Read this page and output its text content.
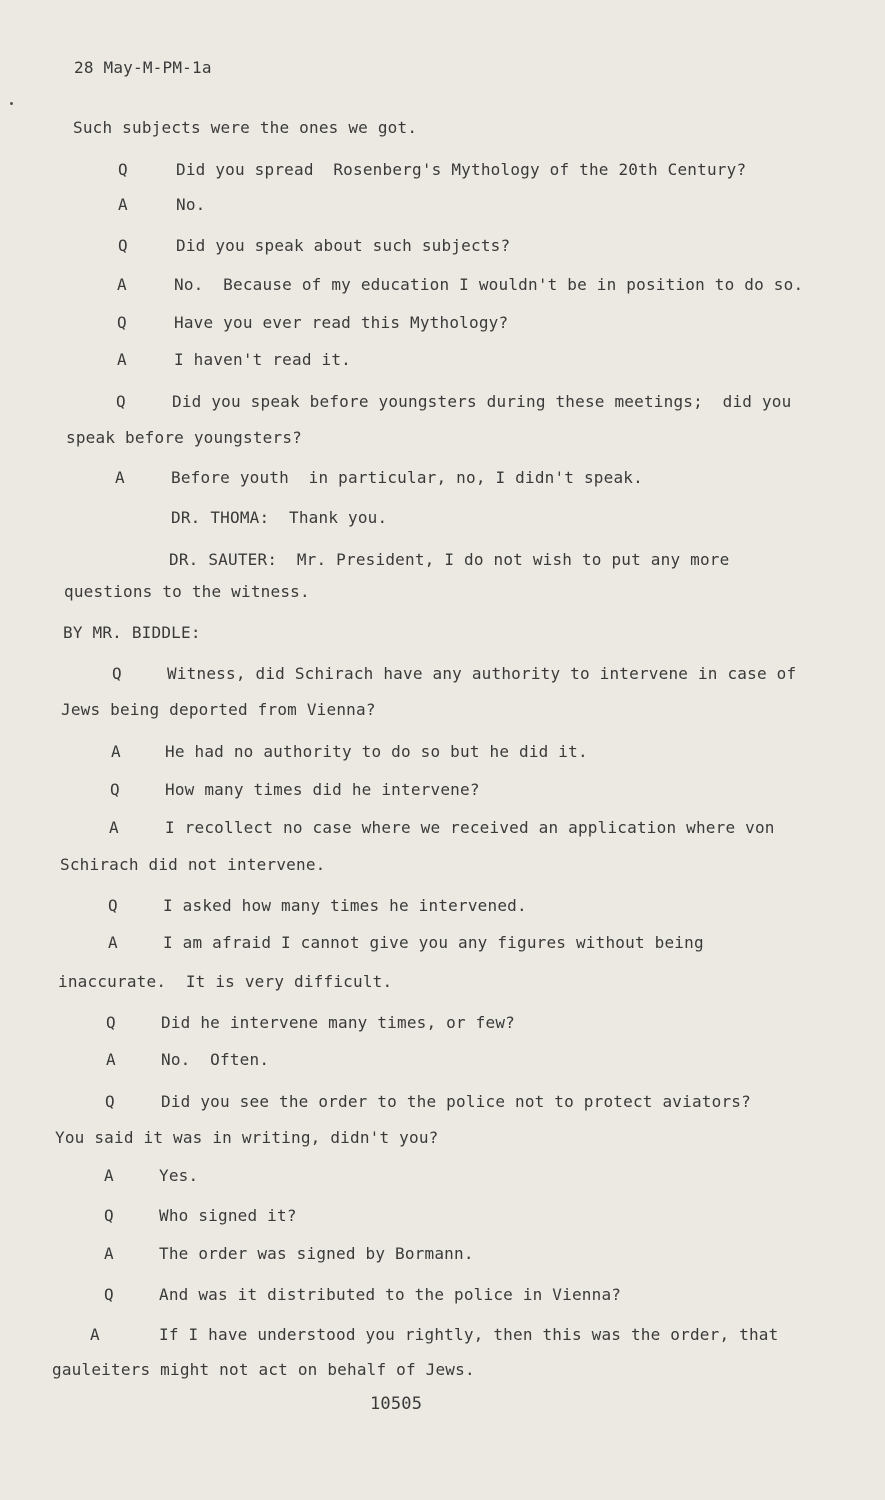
28 May-M-PM-1a
Such subjects were the ones we got.
Q	Did you spread  Rosenberg's Mythology of the 20th Century?
A	No.
Q	Did you speak about such subjects?
A	No.  Because of my education I wouldn't be in position to do so.
Q	Have you ever read this Mythology?
A	I haven't read it.
Q	Did you speak before youngsters during these meetings;  did you
speak before youngsters?
A	Before youth  in particular, no, I didn't speak.
DR. THOMA:  Thank you.
DR. SAUTER:  Mr. President, I do not wish to put any more
questions to the witness.
BY MR. BIDDLE:
Q	Witness, did Schirach have any authority to intervene in case of
Jews being deported from Vienna?
A	He had no authority to do so but he did it.
Q	How many times did he intervene?
A	I recollect no case where we received an application where von
Schirach did not intervene.
Q	I asked how many times he intervened.
A	I am afraid I cannot give you any figures without being
inaccurate.  It is very difficult.
Q	Did he intervene many times, or few?
A	No.  Often.
Q	Did you see the order to the police not to protect aviators?
You said it was in writing, didn't you?
A	Yes.
Q	Who signed it?
A	The order was signed by Bormann.
Q	And was it distributed to the police in Vienna?
A	If I have understood you rightly, then this was the order, that
gauleiters might not act on behalf of Jews.
10505
